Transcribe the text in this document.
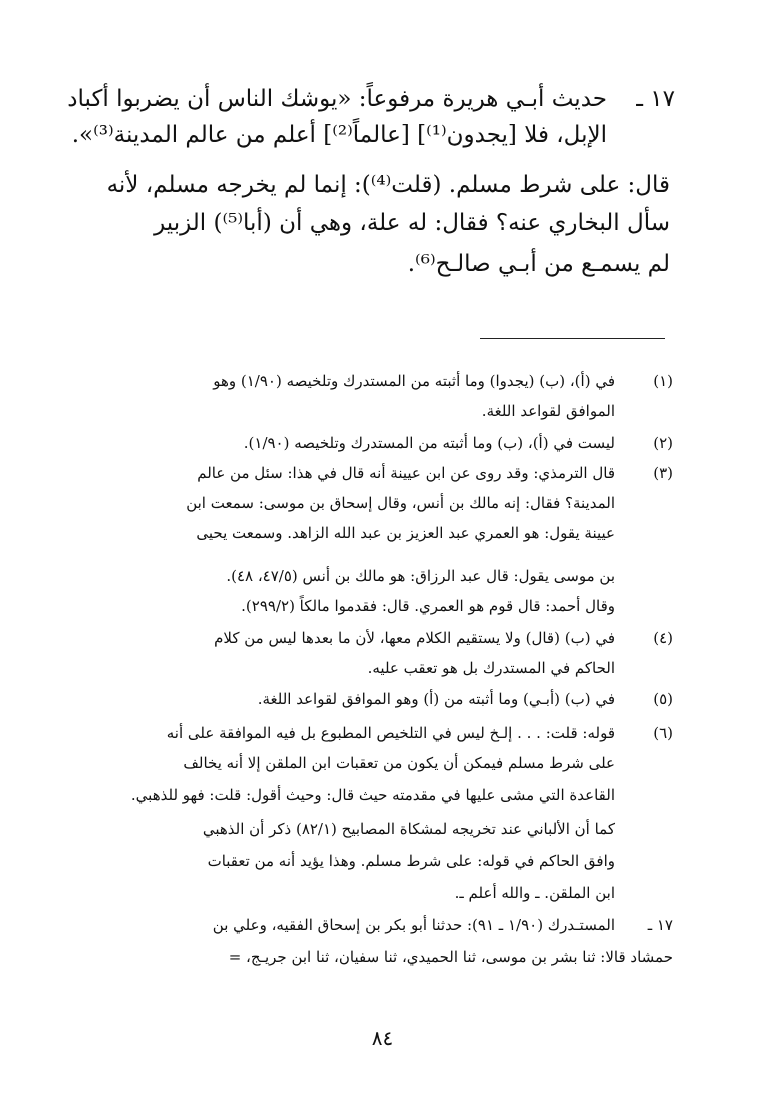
١٧ ـ
حديث أبـي هريرة مرفوعاً: «يوشك الناس أن يضربوا أكباد
الإبل، فلا [يجدون⁽¹⁾] [عالماً⁽²⁾] أعلم من عالم المدينة⁽³⁾».
قال: على شرط مسلم. (قلت⁽⁴⁾): إنما لم يخرجه مسلم، لأنه
سأل البخاري عنه؟ فقال: له علة، وهي أن (أبا⁽⁵⁾) الزبير
لم يسمـع من أبـي صالـح⁽⁶⁾.
(١)
في (أ)، (ب) (يجدوا) وما أثبته من المستدرك وتلخيصه (١/٩٠) وهو
الموافق لقواعد اللغة.
(٢)
ليست في (أ)، (ب) وما أثبته من المستدرك وتلخيصه (١/٩٠).
(٣)
قال الترمذي: وقد روى عن ابن عيينة أنه قال في هذا: سئل من عالم
المدينة؟ فقال: إنه مالك بن أنس، وقال إسحاق بن موسى: سمعت ابن
عيينة يقول: هو العمري عبد العزيز بن عبد الله الزاهد. وسمعت يحيى
بن موسى يقول: قال عبد الرزاق: هو مالك بن أنس (٤٧/٥، ٤٨).
وقال أحمد: قال قوم هو العمري. قال: فقدموا مالكاً (٢٩٩/٢).
(٤)
في (ب) (قال) ولا يستقيم الكلام معها، لأن ما بعدها ليس من كلام
الحاكم في المستدرك بل هو تعقب عليه.
(٥)
في (ب) (أبـي) وما أثبته من (أ) وهو الموافق لقواعد اللغة.
(٦)
قوله: قلت: . . . إلـخ ليس في التلخيص المطبوع بل فيه الموافقة على أنه
على شرط مسلم فيمكن أن يكون من تعقبات ابن الملقن إلا أنه يخالف
القاعدة التي مشى عليها في مقدمته حيث قال: وحيث أقول: قلت: فهو للذهبي.
كما أن الألباني عند تخريجه لمشكاة المصابيح (٨٢/١) ذكر أن الذهبي
وافق الحاكم في قوله: على شرط مسلم. وهذا يؤيد أنه من تعقبات
ابن الملقن. ـ والله أعلم ـ.
١٧ ـ
المستـدرك (١/٩٠ ـ ٩١): حدثنا أبو بكر بن إسحاق الفقيه، وعلي بن
حمشاد قالا: ثنا بشر بن موسى، ثنا الحميدي، ثنا سفيان، ثنا ابن جريـج، =
٨٤
